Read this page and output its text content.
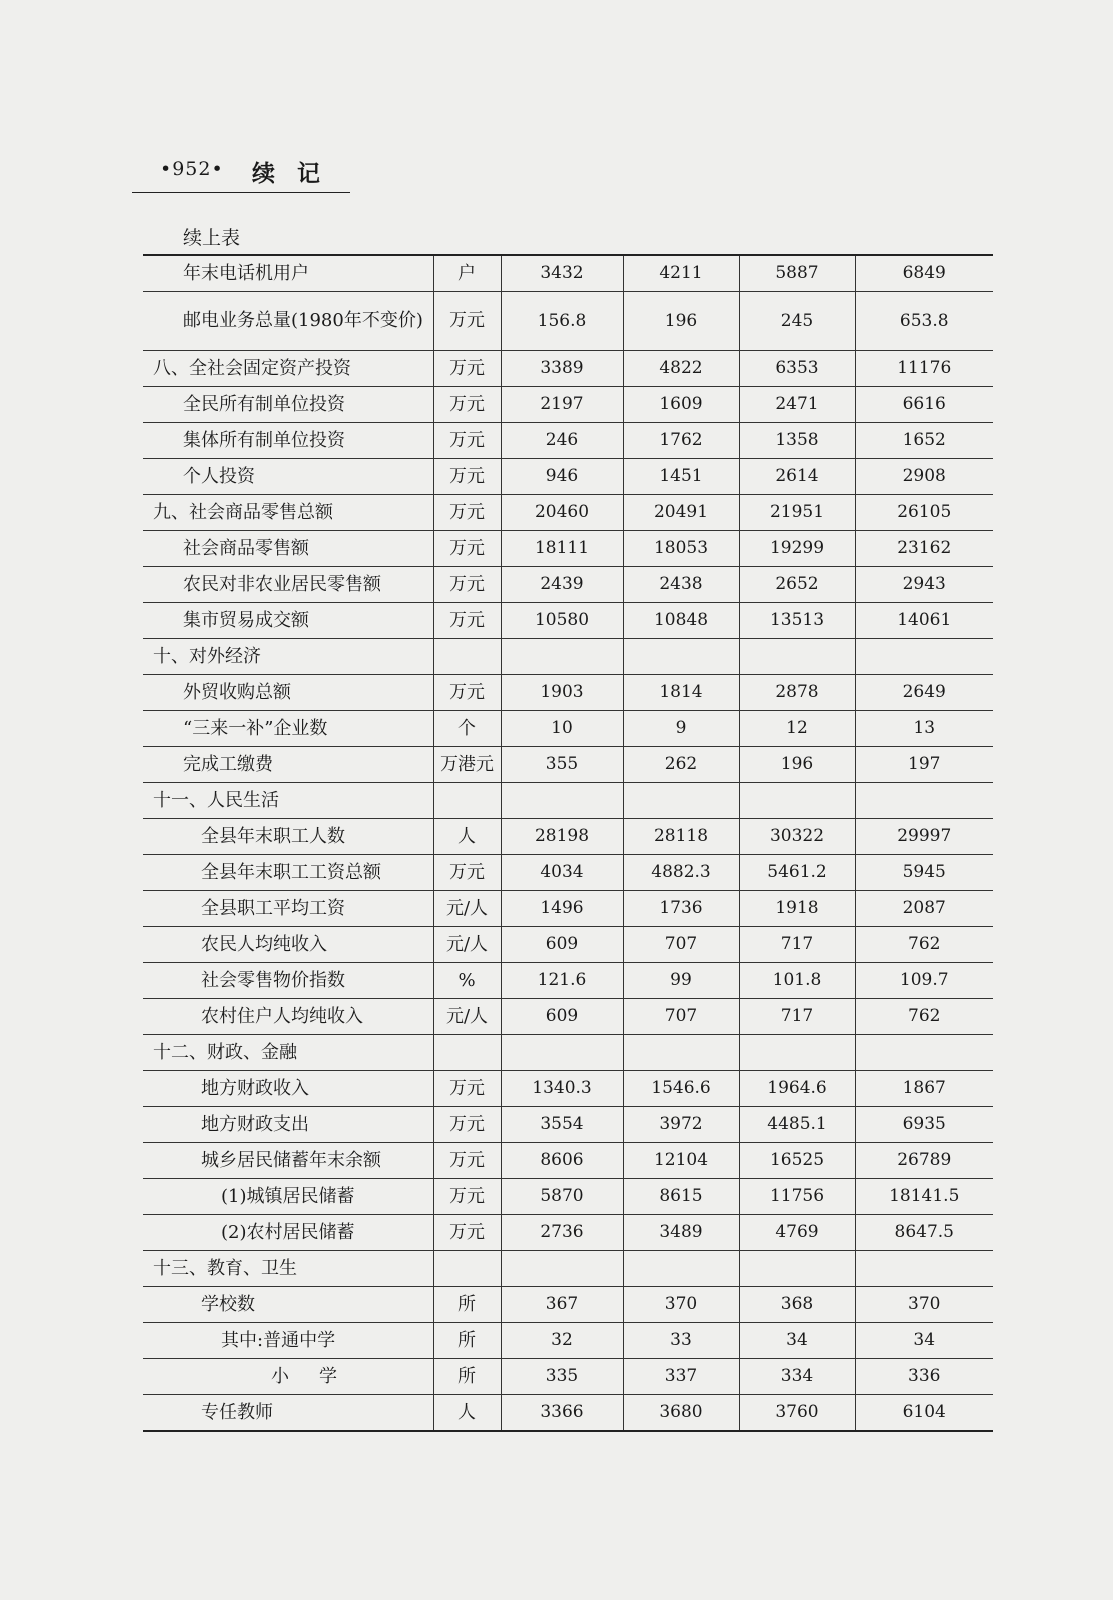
•952• 续记
续上表
年末电话机用户	户	3432	4211	5887	6849
邮电业务总量(1980年不变价)	万元	156.8	196	245	653.8
八、全社会固定资产投资	万元	3389	4822	6353	11176
全民所有制单位投资	万元	2197	1609	2471	6616
集体所有制单位投资	万元	246	1762	1358	1652
个人投资	万元	946	1451	2614	2908
九、社会商品零售总额	万元	20460	20491	21951	26105
社会商品零售额	万元	18111	18053	19299	23162
农民对非农业居民零售额	万元	2439	2438	2652	2943
集市贸易成交额	万元	10580	10848	13513	14061
十、对外经济					
外贸收购总额	万元	1903	1814	2878	2649
“三来一补”企业数	个	10	9	12	13
完成工缴费	万港元	355	262	196	197
十一、人民生活					
全县年末职工人数	人	28198	28118	30322	29997
全县年末职工工资总额	万元	4034	4882.3	5461.2	5945
全县职工平均工资	元/人	1496	1736	1918	2087
农民人均纯收入	元/人	609	707	717	762
社会零售物价指数	%	121.6	99	101.8	109.7
农村住户人均纯收入	元/人	609	707	717	762
十二、财政、金融					
地方财政收入	万元	1340.3	1546.6	1964.6	1867
地方财政支出	万元	3554	3972	4485.1	6935
城乡居民储蓄年末余额	万元	8606	12104	16525	26789
(1)城镇居民储蓄	万元	5870	8615	11756	18141.5
(2)农村居民储蓄	万元	2736	3489	4769	8647.5
十三、教育、卫生					
学校数	所	367	370	368	370
其中:普通中学	所	32	33	34	34
小学	所	335	337	334	336
专任教师	人	3366	3680	3760	6104
